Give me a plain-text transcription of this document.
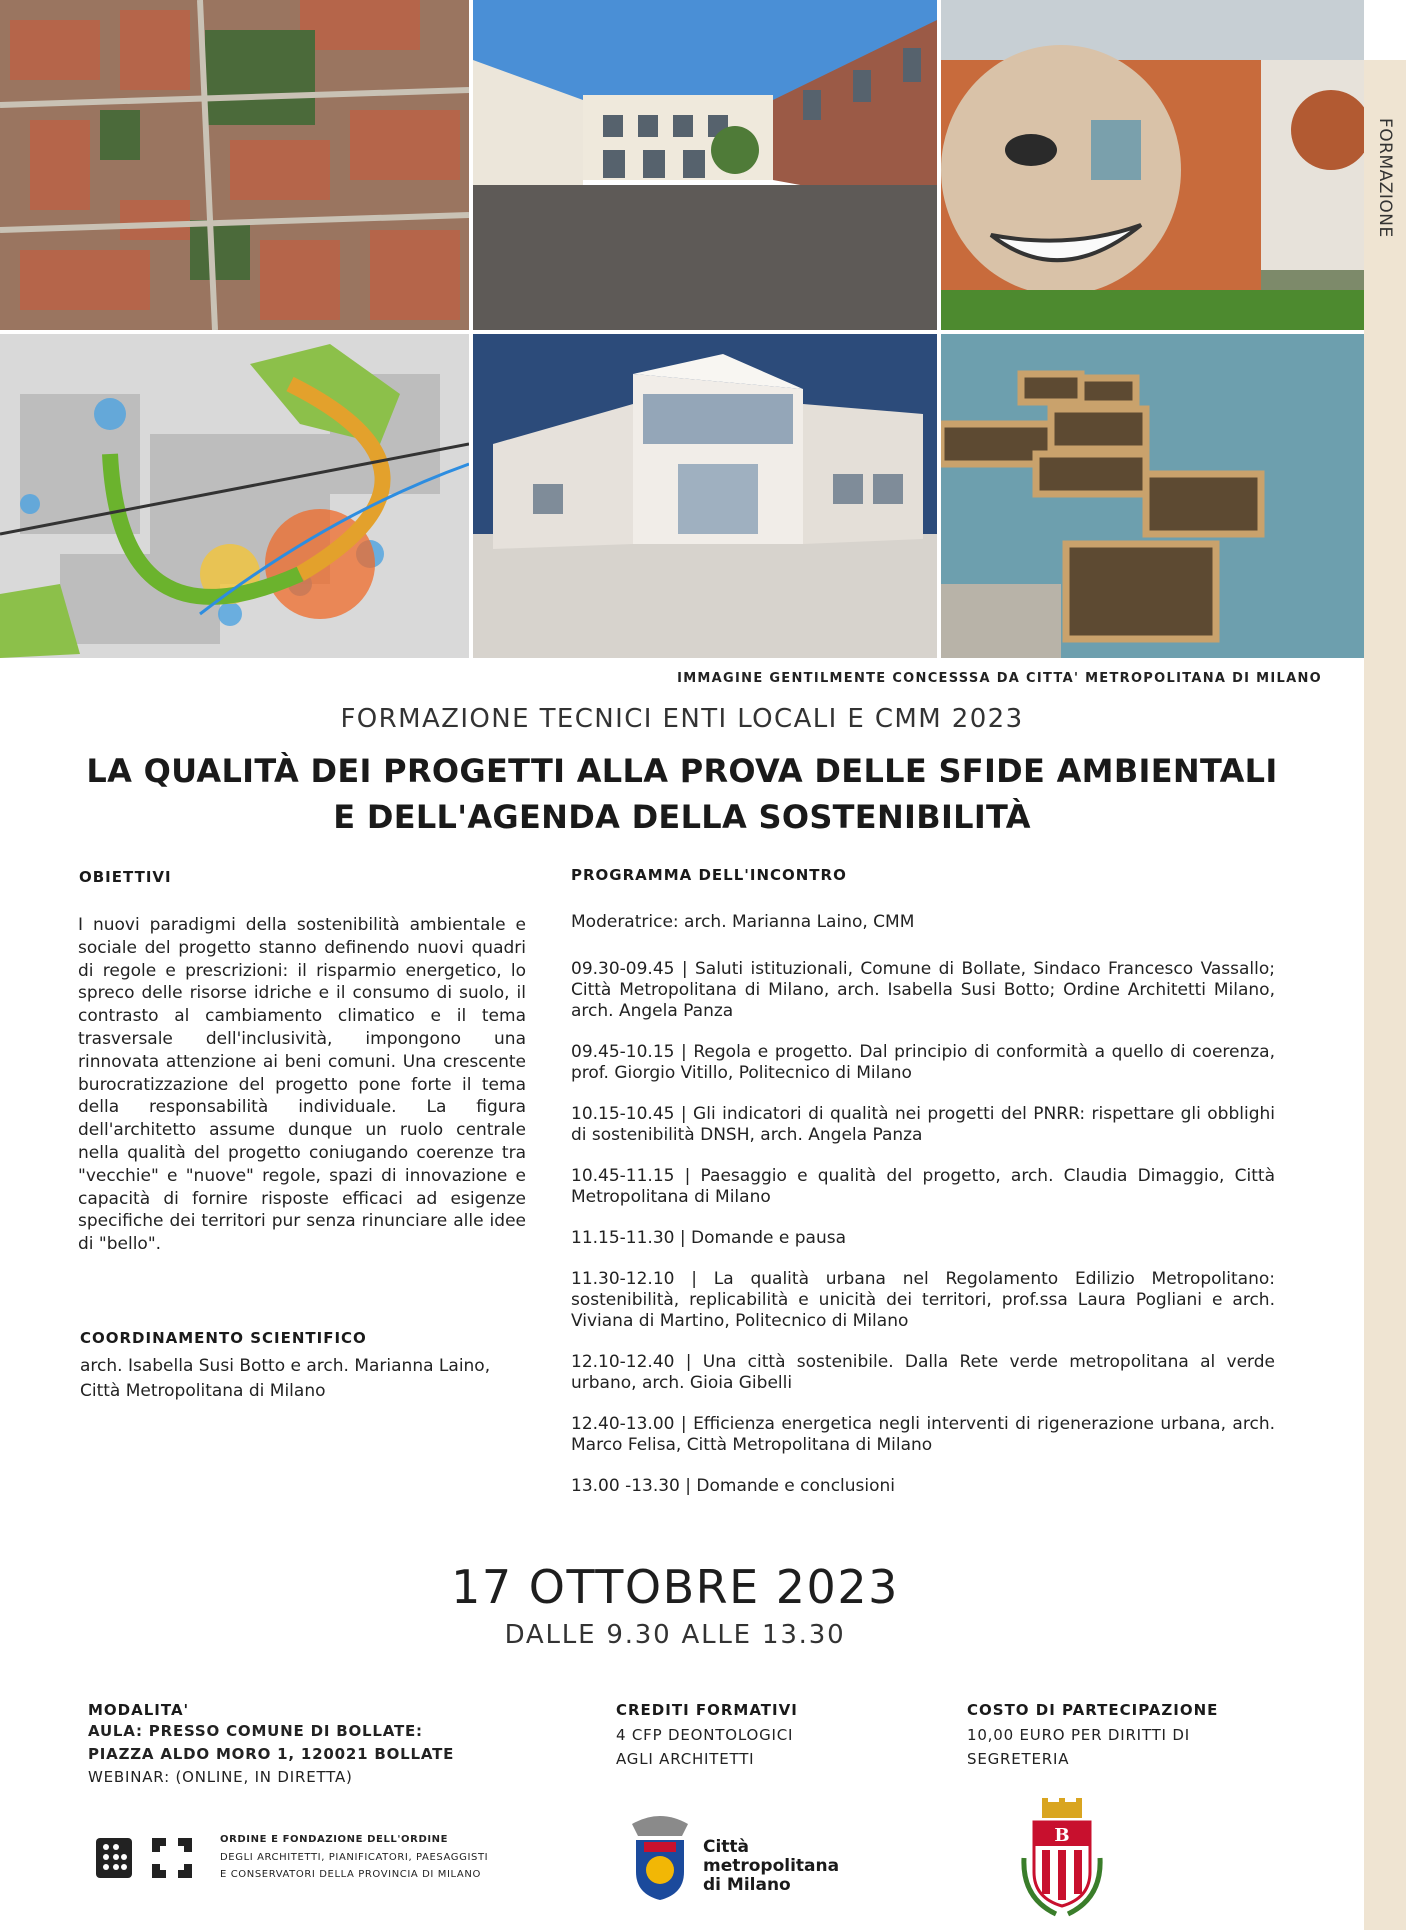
FORMAZIONE
IMMAGINE GENTILMENTE CONCESSSA DA CITTA' METROPOLITANA DI MILANO
FORMAZIONE TECNICI ENTI LOCALI E CMM 2023
LA QUALITÀ DEI PROGETTI ALLA PROVA DELLE SFIDE AMBIENTALI
E DELL'AGENDA DELLA SOSTENIBILITÀ
OBIETTIVI
I nuovi paradigmi della sostenibilità ambientale e sociale del progetto stanno definendo nuovi quadri di regole e prescrizioni: il risparmio energetico, lo spreco delle risorse idriche e il consumo di suolo, il contrasto al cambiamento climatico e il tema trasversale dell'inclusività, impongono una rinnovata attenzione ai beni comuni. Una crescente burocratizzazione del progetto pone forte il tema della responsabilità individuale. La figura dell'architetto assume dunque un ruolo centrale nella qualità del progetto coniugando coerenze tra "vecchie" e "nuove" regole, spazi di innovazione e capacità di fornire risposte efficaci ad esigenze specifiche dei territori pur senza rinunciare alle idee di "bello".
COORDINAMENTO SCIENTIFICO
arch. Isabella Susi Botto e arch. Marianna Laino, Città Metropolitana di Milano
PROGRAMMA DELL'INCONTRO
Moderatrice: arch. Marianna Laino, CMM
09.30-09.45 | Saluti istituzionali, Comune di Bollate, Sindaco Francesco Vassallo; Città Metropolitana di Milano, arch. Isabella Susi Botto; Ordine Architetti Milano, arch. Angela Panza
09.45-10.15 | Regola e progetto. Dal principio di conformità a quello di coerenza, prof. Giorgio Vitillo, Politecnico di Milano
10.15-10.45 | Gli indicatori di qualità nei progetti del PNRR: rispettare gli obblighi di sostenibilità DNSH, arch. Angela Panza
10.45-11.15 | Paesaggio e qualità del progetto, arch. Claudia Dimaggio, Città Metropolitana di Milano
11.15-11.30 | Domande e pausa
11.30-12.10 | La qualità urbana nel Regolamento Edilizio Metropolitano: sostenibilità, replicabilità e unicità dei territori, prof.ssa Laura Pogliani e arch. Viviana di Martino, Politecnico di Milano
12.10-12.40 | Una città sostenibile. Dalla Rete verde metropolitana al verde urbano, arch. Gioia Gibelli
12.40-13.00 | Efficienza energetica negli interventi di rigenerazione urbana, arch. Marco Felisa, Città Metropolitana di Milano
13.00 -13.30 | Domande e conclusioni
17 OTTOBRE 2023
DALLE 9.30 ALLE 13.30
MODALITA'
AULA: PRESSO COMUNE DI BOLLATE:
PIAZZA ALDO MORO 1, 120021 BOLLATE
WEBINAR: (ONLINE, IN DIRETTA)
CREDITI FORMATIVI
4 CFP DEONTOLOGICI
AGLI ARCHITETTI
COSTO DI PARTECIPAZIONE
10,00 EURO PER DIRITTI DI
SEGRETERIA
ORDINE E FONDAZIONE DELL'ORDINE
DEGLI ARCHITETTI, PIANIFICATORI, PAESAGGISTI
E CONSERVATORI DELLA PROVINCIA DI MILANO
Città
metropolitana
di Milano
B
